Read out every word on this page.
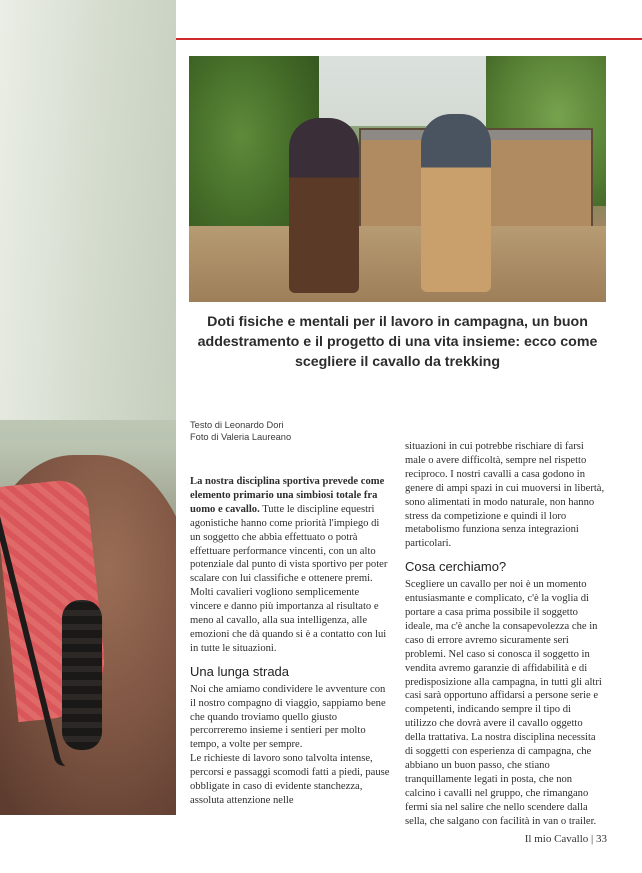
Doti fisiche e mentali per il lavoro in campagna, un buon addestramento e il progetto di una vita insieme: ecco come scegliere il cavallo da trekking
Testo di Leonardo Dori
Foto di Valeria Laureano

La nostra disciplina sportiva prevede come elemento primario una simbiosi totale fra uomo e cavallo. Tutte le discipline equestri agonistiche hanno come priorità l'impiego di un soggetto che abbia effettuato o potrà effettuare performance vincenti, con un alto potenziale dal punto di vista sportivo per poter scalare con lui classifiche e ottenere premi. Molti cavalieri vogliono semplicemente vincere e danno più importanza al risultato e meno al cavallo, alla sua intelligenza, alle emozioni che dà quando si è a contatto con lui in tutte le situazioni.

Una lunga strada

Noi che amiamo condividere le avventure con il nostro compagno di viaggio, sappiamo bene che quando troviamo quello giusto percorreremo insieme i sentieri per molto tempo, a volte per sempre.

Le richieste di lavoro sono talvolta intense, percorsi e passaggi scomodi fatti a piedi, pause obbligate in caso di evidente stanchezza, assoluta attenzione nelle

situazioni in cui potrebbe rischiare di farsi male o avere difficoltà, sempre nel rispetto reciproco. I nostri cavalli a casa godono in genere di ampi spazi in cui muoversi in libertà, sono alimentati in modo naturale, non hanno stress da competizione e quindi il loro metabolismo funziona senza integrazioni particolari.

Cosa cerchiamo?

Scegliere un cavallo per noi è un momento entusiasmante e complicato, c'è la voglia di portare a casa prima possibile il soggetto ideale, ma c'è anche la consapevolezza che in caso di errore avremo sicuramente seri problemi. Nel caso si conosca il soggetto in vendita avremo garanzie di affidabilità e di predisposizione alla campagna, in tutti gli altri casi sarà opportuno affidarsi a persone serie e competenti, indicando sempre il tipo di utilizzo che dovrà avere il cavallo oggetto della trattativa. La nostra disciplina necessita di soggetti con esperienza di campagna, che abbiano un buon passo, che stiano tranquillamente legati in posta, che non calcino i cavalli nel gruppo, che rimangano fermi sia nel salire che nello scendere dalla sella, che salgano con facilità in van o trailer.

Il mio Cavallo | 33
